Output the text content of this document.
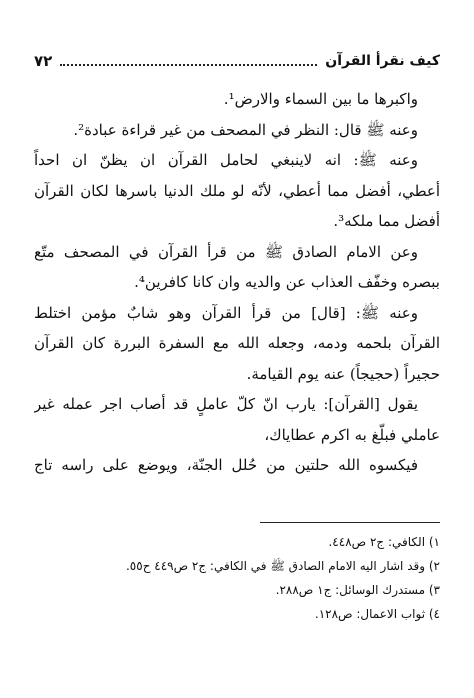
٧٢	كيف نقرأ القرآن
واكبرها ما بين السماء والارض¹.
وعنه ﷺ قال: النظر في المصحف من غير قراءة عبادة².
وعنه ﷺ: انه لاينبغي لحامل القرآن ان يظنّ ان احداً
أعطي، أفضل مما أعطي، لأنّه لو ملك الدنيا باسرها لكان القرآن
أفضل مما ملكه³.
وعن الامام الصادق ﷺ من قرأ القرآن في المصحف متّع
ببصره وخفّف العذاب عن والديه وان كانا كافرين⁴.
وعنه ﷺ: [قال] من قرأ القرآن وهو شابٌ مؤمن اختلط
القرآن بلحمه ودمه، وجعله الله مع السفرة البررة كان القرآن
حجيراً (حجيجاً) عنه يوم القيامة.
يقول [القرآن]: يارب انّ كلّ عاملٍ قد أصاب اجر عمله غير
عاملي فبلّغ به اكرم عطاياك،
فيكسوه الله حلتين من حُلل الجنّة، ويوضع على راسه تاج
١) الكافي: ج٢ ص٤٤٨.
٢) وقد اشار اليه الامام الصادق ﷺ في الكافي: ج٢ ص٤٤٩ ح٥٥.
٣) مستدرك الوسائل: ج١ ص٢٨٨.
٤) ثواب الاعمال: ص١٢٨.
